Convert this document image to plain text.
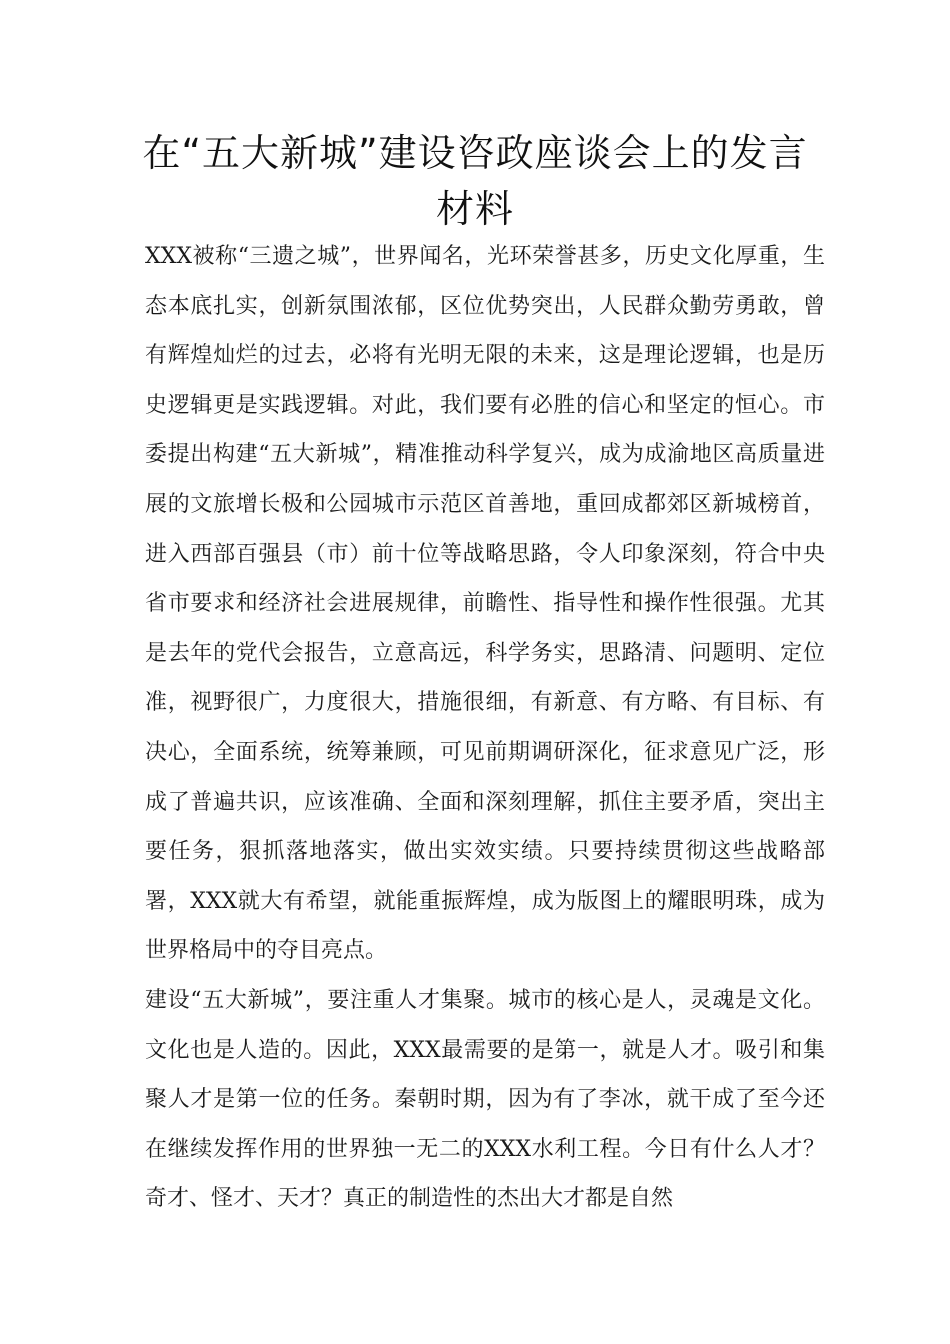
在“五大新城”建设咨政座谈会上的发言材料

XXX被称“三遗之城”，世界闻名，光环荣誉甚多，历史文化厚重，生态本底扎实，创新氛围浓郁，区位优势突出，人民群众勤劳勇敢，曾有辉煌灿烂的过去，必将有光明无限的未来，这是理论逻辑，也是历史逻辑更是实践逻辑。对此，我们要有必胜的信心和坚定的恒心。市委提出构建“五大新城”，精准推动科学复兴，成为成渝地区高质量进展的文旅增长极和公园城市示范区首善地，重回成都郊区新城榜首，进入西部百强县（市）前十位等战略思路，令人印象深刻，符合中央省市要求和经济社会进展规律，前瞻性、指导性和操作性很强。尤其是去年的党代会报告，立意高远，科学务实，思路清、问题明、定位准，视野很广，力度很大，措施很细，有新意、有方略、有目标、有决心，全面系统，统筹兼顾，可见前期调研深化，征求意见广泛，形成了普遍共识，应该准确、全面和深刻理解，抓住主要矛盾，突出主要任务，狠抓落地落实，做出实效实绩。只要持续贯彻这些战略部署，XXX就大有希望，就能重振辉煌，成为版图上的耀眼明珠，成为世界格局中的夺目亮点。

建设“五大新城”，要注重人才集聚。城市的核心是人，灵魂是文化。文化也是人造的。因此，XXX最需要的是第一，就是人才。吸引和集聚人才是第一位的任务。秦朝时期，因为有了李冰，就干成了至今还在继续发挥作用的世界独一无二的XXX水利工程。今日有什么人才？奇才、怪才、天才？真正的制造性的杰出大才都是自然
